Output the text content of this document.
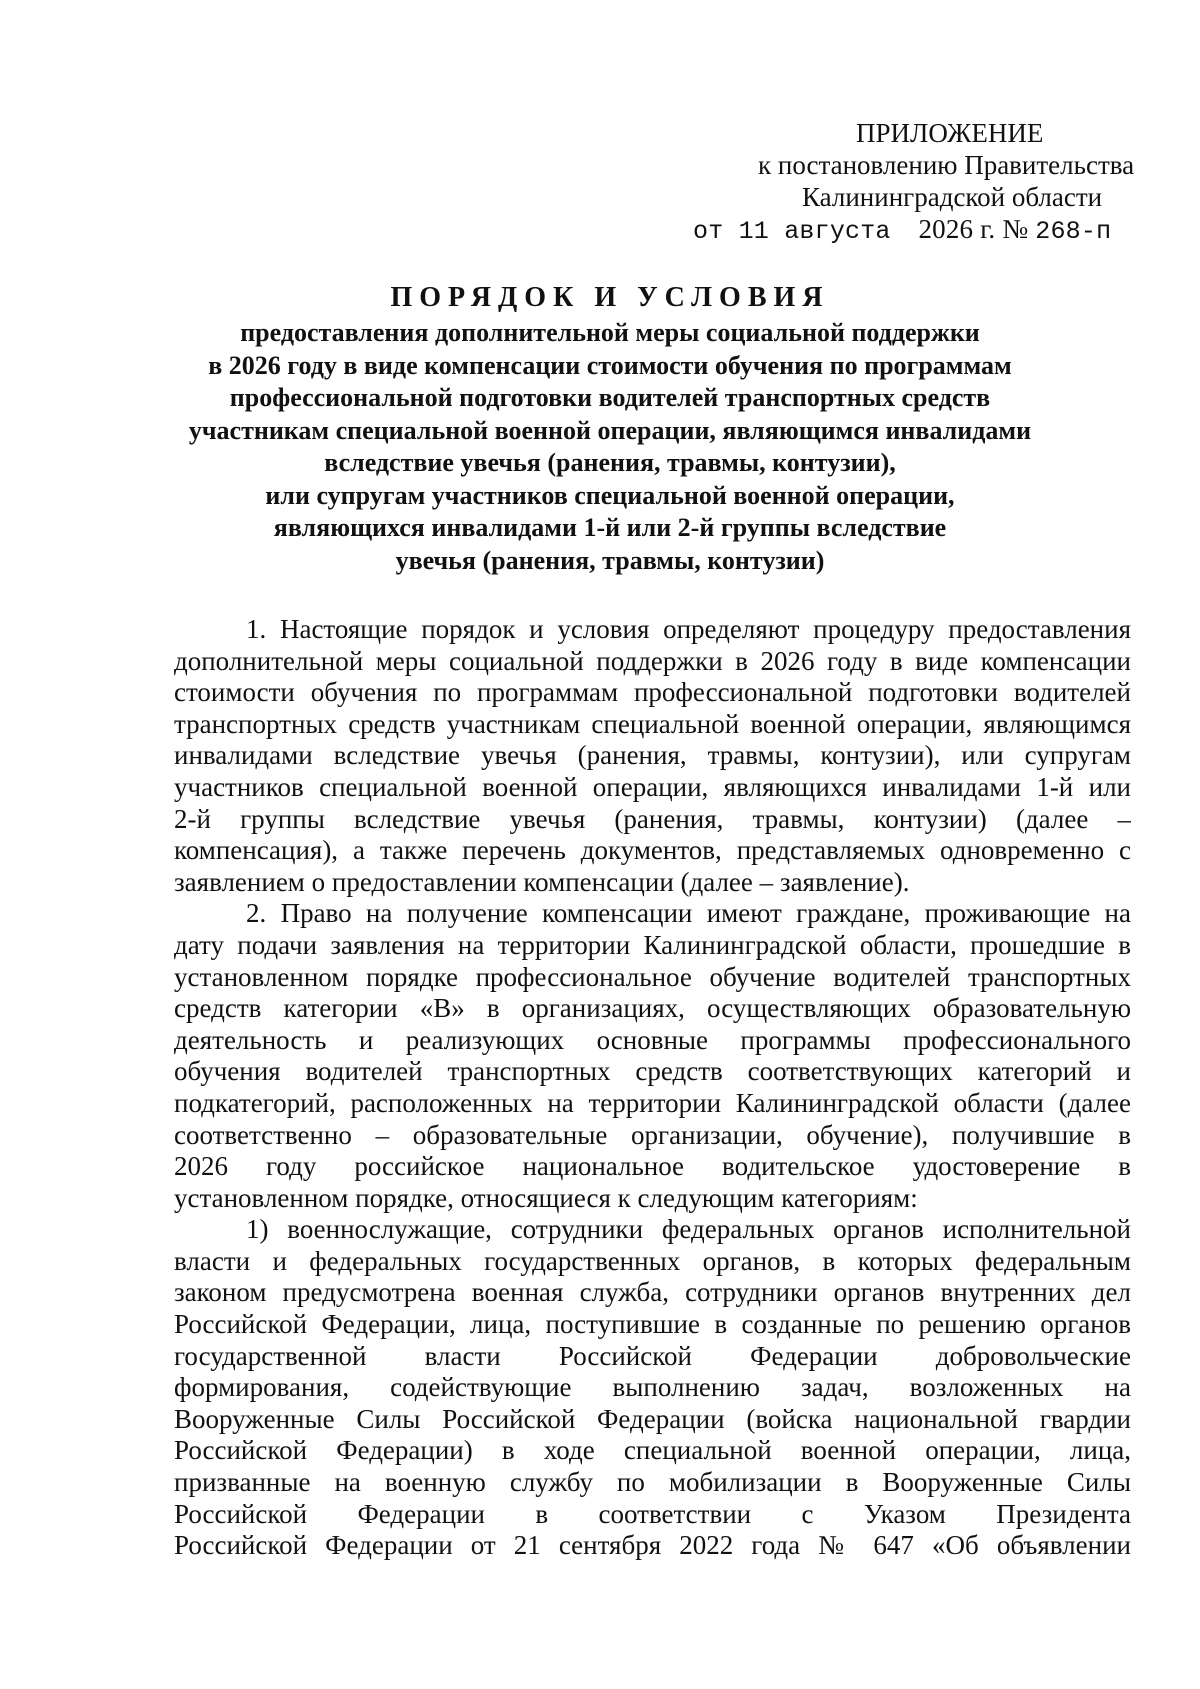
ПРИЛОЖЕНИЕ
к постановлению Правительства
Калининградской области
от 11 августа 2026 г. № 268-п
ПОРЯДОК И УСЛОВИЯ
предоставления дополнительной меры социальной поддержки
в 2026 году в виде компенсации стоимости обучения по программам
профессиональной подготовки водителей транспортных средств
участникам специальной военной операции, являющимся инвалидами
вследствие увечья (ранения, травмы, контузии),
или супругам участников специальной военной операции,
являющихся инвалидами 1-й или 2-й группы вследствие
увечья (ранения, травмы, контузии)
1. Настоящие порядок и условия определяют процедуру предоставления
дополнительной меры социальной поддержки в 2026 году в виде компенсации
стоимости обучения по программам профессиональной подготовки водителей
транспортных средств участникам специальной военной операции, являющимся
инвалидами вследствие увечья (ранения, травмы, контузии), или супругам
участников специальной военной операции, являющихся инвалидами 1-й или
2-й группы вследствие увечья (ранения, травмы, контузии) (далее –
компенсация), а также перечень документов, представляемых одновременно с
заявлением о предоставлении компенсации (далее – заявление).
2. Право на получение компенсации имеют граждане, проживающие на
дату подачи заявления на территории Калининградской области, прошедшие в
установленном порядке профессиональное обучение водителей транспортных
средств категории «В» в организациях, осуществляющих образовательную
деятельность и реализующих основные программы профессионального
обучения водителей транспортных средств соответствующих категорий и
подкатегорий, расположенных на территории Калининградской области (далее
соответственно – образовательные организации, обучение), получившие в
2026 году российское национальное водительское удостоверение в
установленном порядке, относящиеся к следующим категориям:
1) военнослужащие, сотрудники федеральных органов исполнительной
власти и федеральных государственных органов, в которых федеральным
законом предусмотрена военная служба, сотрудники органов внутренних дел
Российской Федерации, лица, поступившие в созданные по решению органов
государственной власти Российской Федерации добровольческие
формирования, содействующие выполнению задач, возложенных на
Вооруженные Силы Российской Федерации (войска национальной гвардии
Российской Федерации) в ходе специальной военной операции, лица,
призванные на военную службу по мобилизации в Вооруженные Силы
Российской Федерации в соответствии с Указом Президента
Российской Федерации от 21 сентября 2022 года № 647 «Об объявлении
